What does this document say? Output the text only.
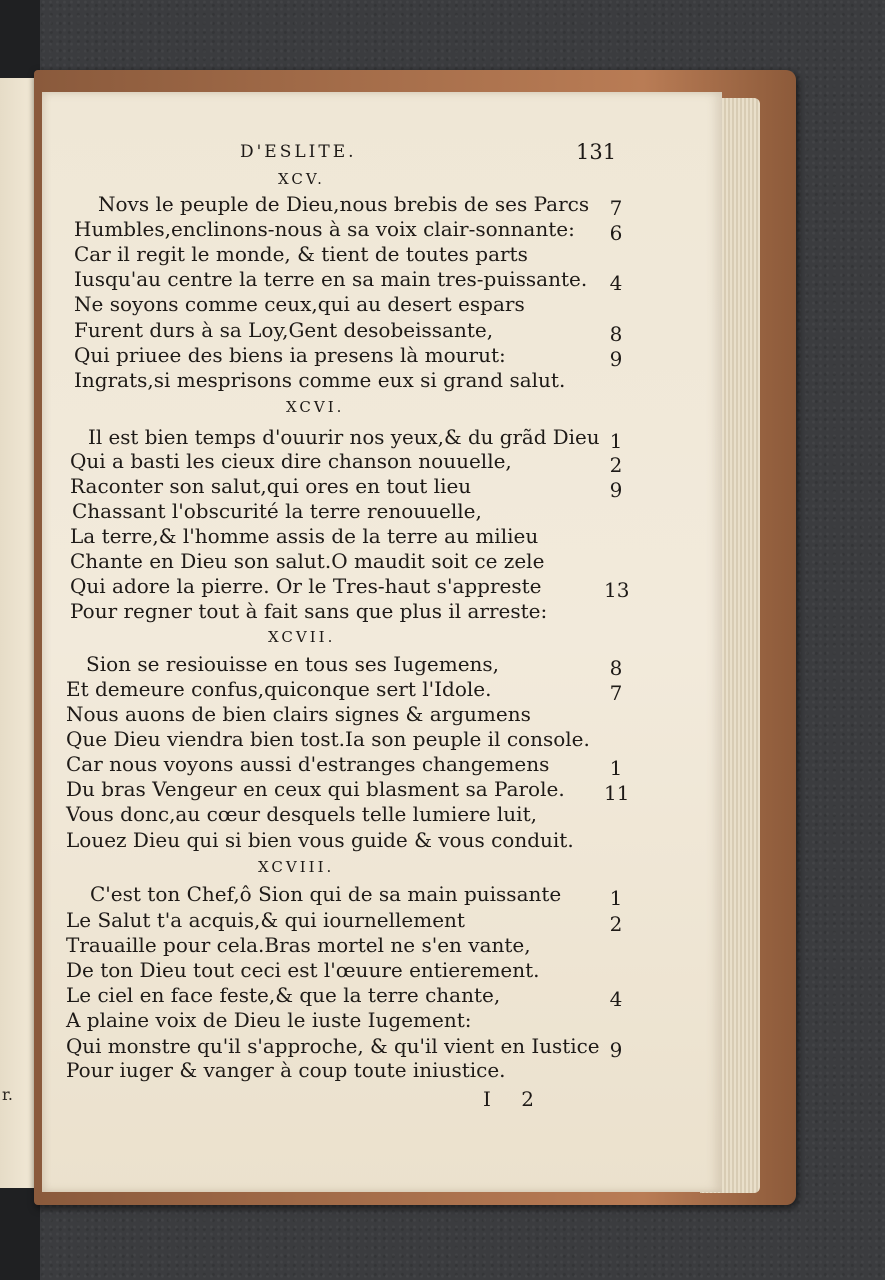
r.
D'ESLITE.	131
XCV.
Novs le peuple de Dieu,nous brebis de ses Parcs 7
Humbles,enclinons-nous à sa voix clair-sonnante: 6
Car il regit le monde, & tient de toutes parts
Iusqu'au centre la terre en sa main tres-puissante. 4
Ne soyons comme ceux,qui au desert espars
Furent durs à sa Loy,Gent desobeissante,	8
Qui priuee des biens ia presens là mourut:	9
Ingrats,si mesprisons comme eux si grand salut.
XCVI.
Il est bien temps d'ouurir nos yeux,& du grãd Dieu 1
Qui a basti les cieux dire chanson nouuelle,	2
Raconter son salut,qui ores en tout lieu	9
Chassant l'obscurité la terre renouuelle,
La terre,& l'homme assis de la terre au milieu
Chante en Dieu son salut.O maudit soit ce zele
Qui adore la pierre. Or le Tres-haut s'appreste	13
Pour regner tout à fait sans que plus il arreste:
XCVII.
Sion se resiouisse en tous ses Iugemens,	8
Et demeure confus,quiconque sert l'Idole.	7
Nous auons de bien clairs signes & argumens
Que Dieu viendra bien tost.Ia son peuple il console.
Car nous voyons aussi d'estranges changemens	1
Du bras Vengeur en ceux qui blasment sa Parole. 11
Vous donc,au cœur desquels telle lumiere luit,
Louez Dieu qui si bien vous guide & vous conduit.
XCVIII.
C'est ton Chef,ô Sion qui de sa main puissante 1
Le Salut t'a acquis,& qui iournellement	2
Trauaille pour cela.Bras mortel ne s'en vante,
De ton Dieu tout ceci est l'œuure entierement.
Le ciel en face feste,& que la terre chante,	4
A plaine voix de Dieu le iuste Iugement:
Qui monstre qu'il s'approche, & qu'il vient en Iustice 9
Pour iuger & vanger à coup toute iniustice.
I 2
